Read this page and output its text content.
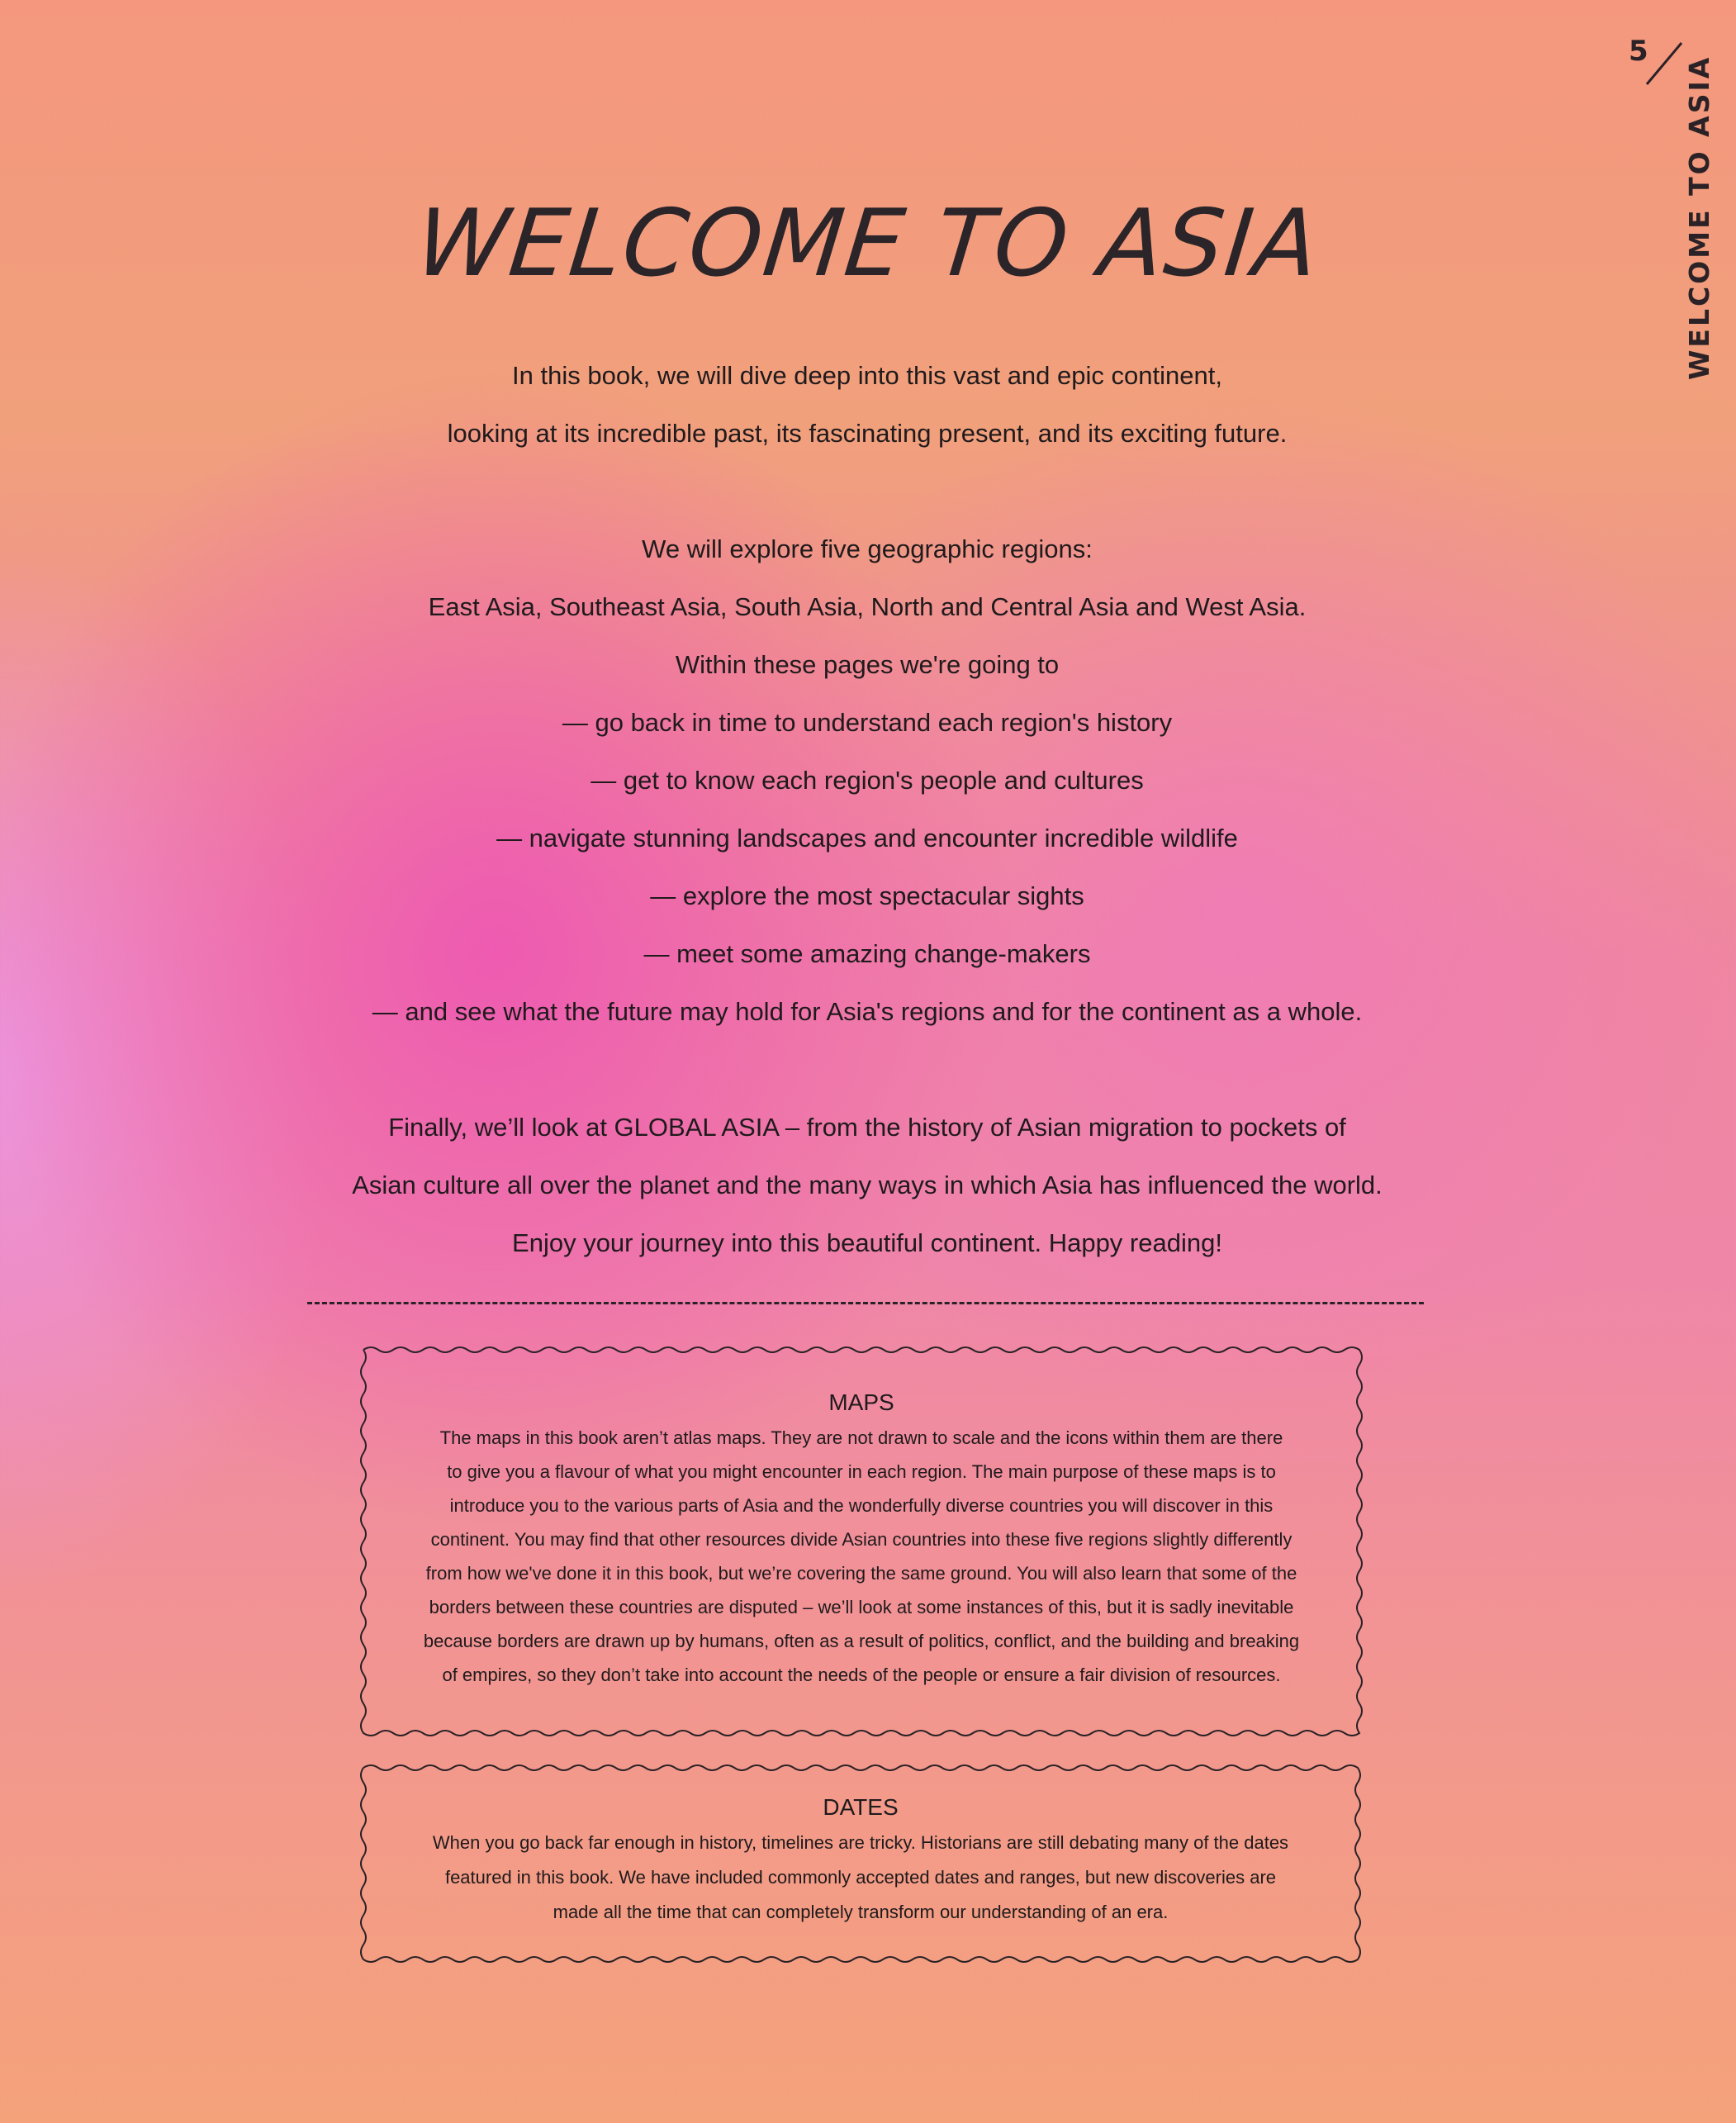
5
WELCOME TO ASIA
WELCOME TO ASIA

In this book, we will dive deep into this vast and epic continent,

looking at its incredible past, its fascinating present, and its exciting future.

We will explore five geographic regions:

East Asia, Southeast Asia, South Asia, North and Central Asia and West Asia.

Within these pages we're going to

— go back in time to understand each region's history

— get to know each region's people and cultures

— navigate stunning landscapes and encounter incredible wildlife

— explore the most spectacular sights

— meet some amazing change-makers

— and see what the future may hold for Asia's regions and for the continent as a whole.

Finally, we’ll look at GLOBAL ASIA – from the history of Asian migration to pockets of

Asian culture all over the planet and the many ways in which Asia has influenced the world.

Enjoy your journey into this beautiful continent. Happy reading!

MAPS
The maps in this book aren’t atlas maps. They are not drawn to scale and the icons within them are there
to give you a flavour of what you might encounter in each region. The main purpose of these maps is to
introduce you to the various parts of Asia and the wonderfully diverse countries you will discover in this
continent. You may find that other resources divide Asian countries into these five regions slightly differently
from how we've done it in this book, but we’re covering the same ground. You will also learn that some of the
borders between these countries are disputed – we’ll look at some instances of this, but it is sadly inevitable
because borders are drawn up by humans, often as a result of politics, conflict, and the building and breaking
of empires, so they don’t take into account the needs of the people or ensure a fair division of resources.
DATES
When you go back far enough in history, timelines are tricky. Historians are still debating many of the dates
featured in this book. We have included commonly accepted dates and ranges, but new discoveries are
made all the time that can completely transform our understanding of an era.
